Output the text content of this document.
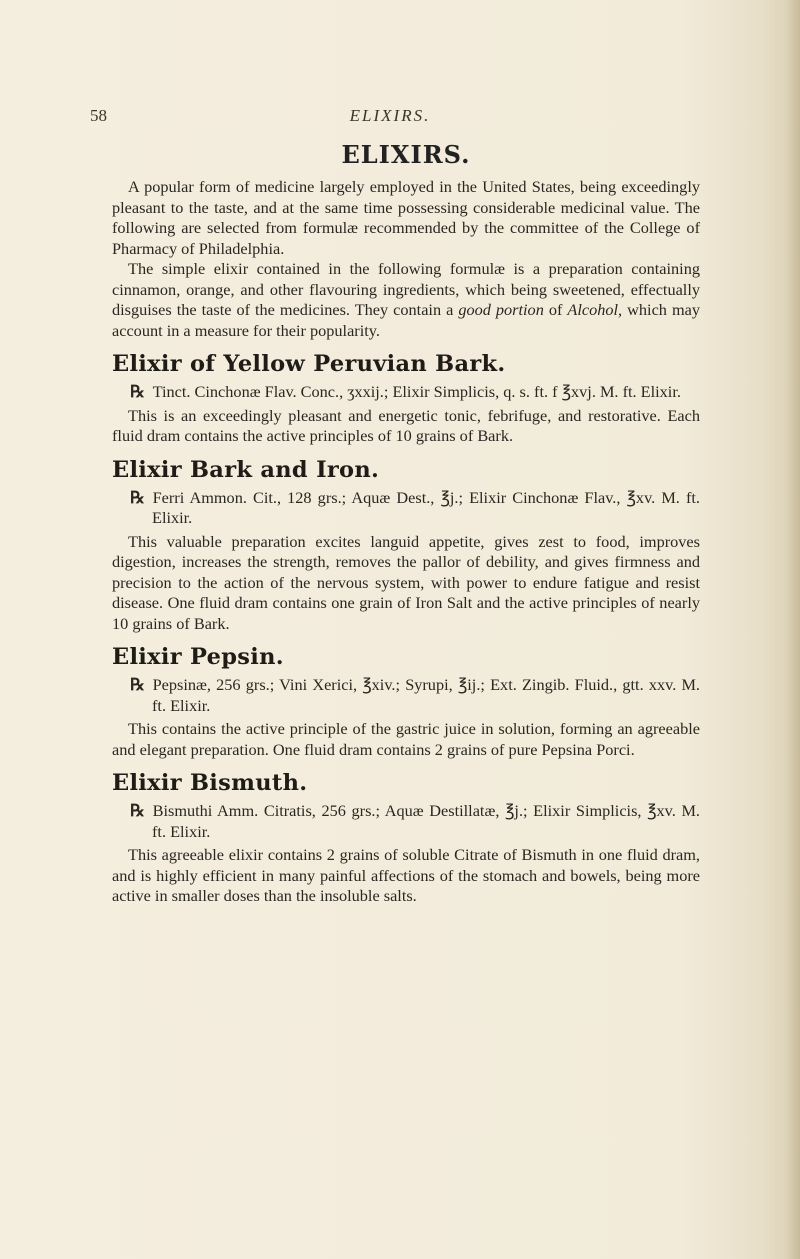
58	ELIXIRS.
ELIXIRS.

A popular form of medicine largely employed in the United States, being exceedingly pleasant to the taste, and at the same time possessing considerable medicinal value. The following are selected from formulæ recommended by the committee of the College of Pharmacy of Philadelphia.

The simple elixir contained in the following formulæ is a preparation containing cinnamon, orange, and other flavouring ingredients, which being sweetened, effectually disguises the taste of the medicines. They contain a good portion of Alcohol, which may account in a measure for their popularity.

Elixir of Yellow Peruvian Bark.

℞ Tinct. Cinchonæ Flav. Conc., ʒxxij.; Elixir Simplicis, q. s. ft. f ℥xvj. M. ft. Elixir.

This is an exceedingly pleasant and energetic tonic, febrifuge, and restorative. Each fluid dram contains the active principles of 10 grains of Bark.

Elixir Bark and Iron.

℞ Ferri Ammon. Cit., 128 grs.; Aquæ Dest., ℥j.; Elixir Cinchonæ Flav., ℥xv. M. ft. Elixir.

This valuable preparation excites languid appetite, gives zest to food, improves digestion, increases the strength, removes the pallor of debility, and gives firmness and precision to the action of the nervous system, with power to endure fatigue and resist disease. One fluid dram contains one grain of Iron Salt and the active principles of nearly 10 grains of Bark.

Elixir Pepsin.

℞ Pepsinæ, 256 grs.; Vini Xerici, ℥xiv.; Syrupi, ℥ij.; Ext. Zingib. Fluid., gtt. xxv. M. ft. Elixir.

This contains the active principle of the gastric juice in solution, forming an agreeable and elegant preparation. One fluid dram contains 2 grains of pure Pepsina Porci.

Elixir Bismuth.

℞ Bismuthi Amm. Citratis, 256 grs.; Aquæ Destillatæ, ℥j.; Elixir Simplicis, ℥xv. M. ft. Elixir.

This agreeable elixir contains 2 grains of soluble Citrate of Bismuth in one fluid dram, and is highly efficient in many painful affections of the stomach and bowels, being more active in smaller doses than the insoluble salts.
